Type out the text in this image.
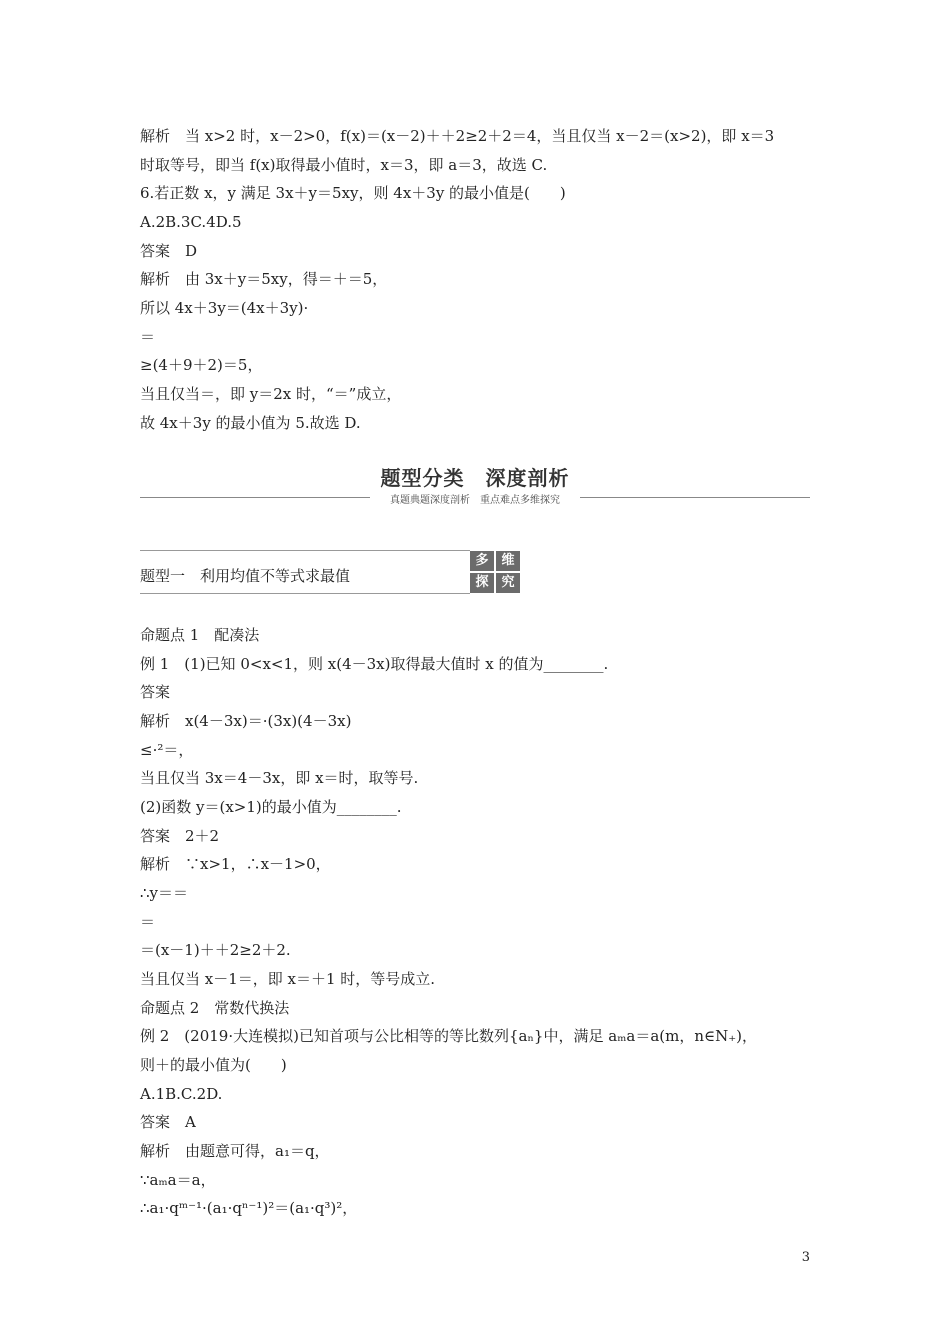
解析　当 x>2 时，x－2>0，f(x)＝(x－2)＋＋2≥2＋2＝4，当且仅当 x－2＝(x>2)，即 x＝3
时取等号，即当 f(x)取得最小值时，x＝3，即 a＝3，故选 C.
6.若正数 x，y 满足 3x＋y＝5xy，则 4x＋3y 的最小值是(　　)
A.2B.3C.4D.5
答案　D
解析　由 3x＋y＝5xy，得＝＋＝5，
所以 4x＋3y＝(4x＋3y)·
＝
≥(4＋9＋2)＝5，
当且仅当＝，即 y＝2x 时，“＝”成立，
故 4x＋3y 的最小值为 5.故选 D.
题型分类　深度剖析
真题典题深度剖析　重点难点多维探究
题型一　利用均值不等式求最值
多 维
探 究
命题点 1　配凑法
例 1　(1)已知 0<x<1，则 x(4－3x)取得最大值时 x 的值为________.
答案
解析　x(4－3x)＝·(3x)(4－3x)
≤·²＝，
当且仅当 3x＝4－3x，即 x＝时，取等号.
(2)函数 y＝(x>1)的最小值为________.
答案　2＋2
解析　∵x>1，∴x－1>0，
∴y＝＝
＝
＝(x－1)＋＋2≥2＋2.
当且仅当 x－1＝，即 x＝＋1 时，等号成立.
命题点 2　常数代换法
例 2　(2019·大连模拟)已知首项与公比相等的等比数列{aₙ}中，满足 aₘa＝a(m，n∈N₊)，
则＋的最小值为(　　)
A.1B.C.2D.
答案　A
解析　由题意可得，a₁＝q，
∵aₘa＝a，
∴a₁·qᵐ⁻¹·(a₁·qⁿ⁻¹)²＝(a₁·q³)²，
3
